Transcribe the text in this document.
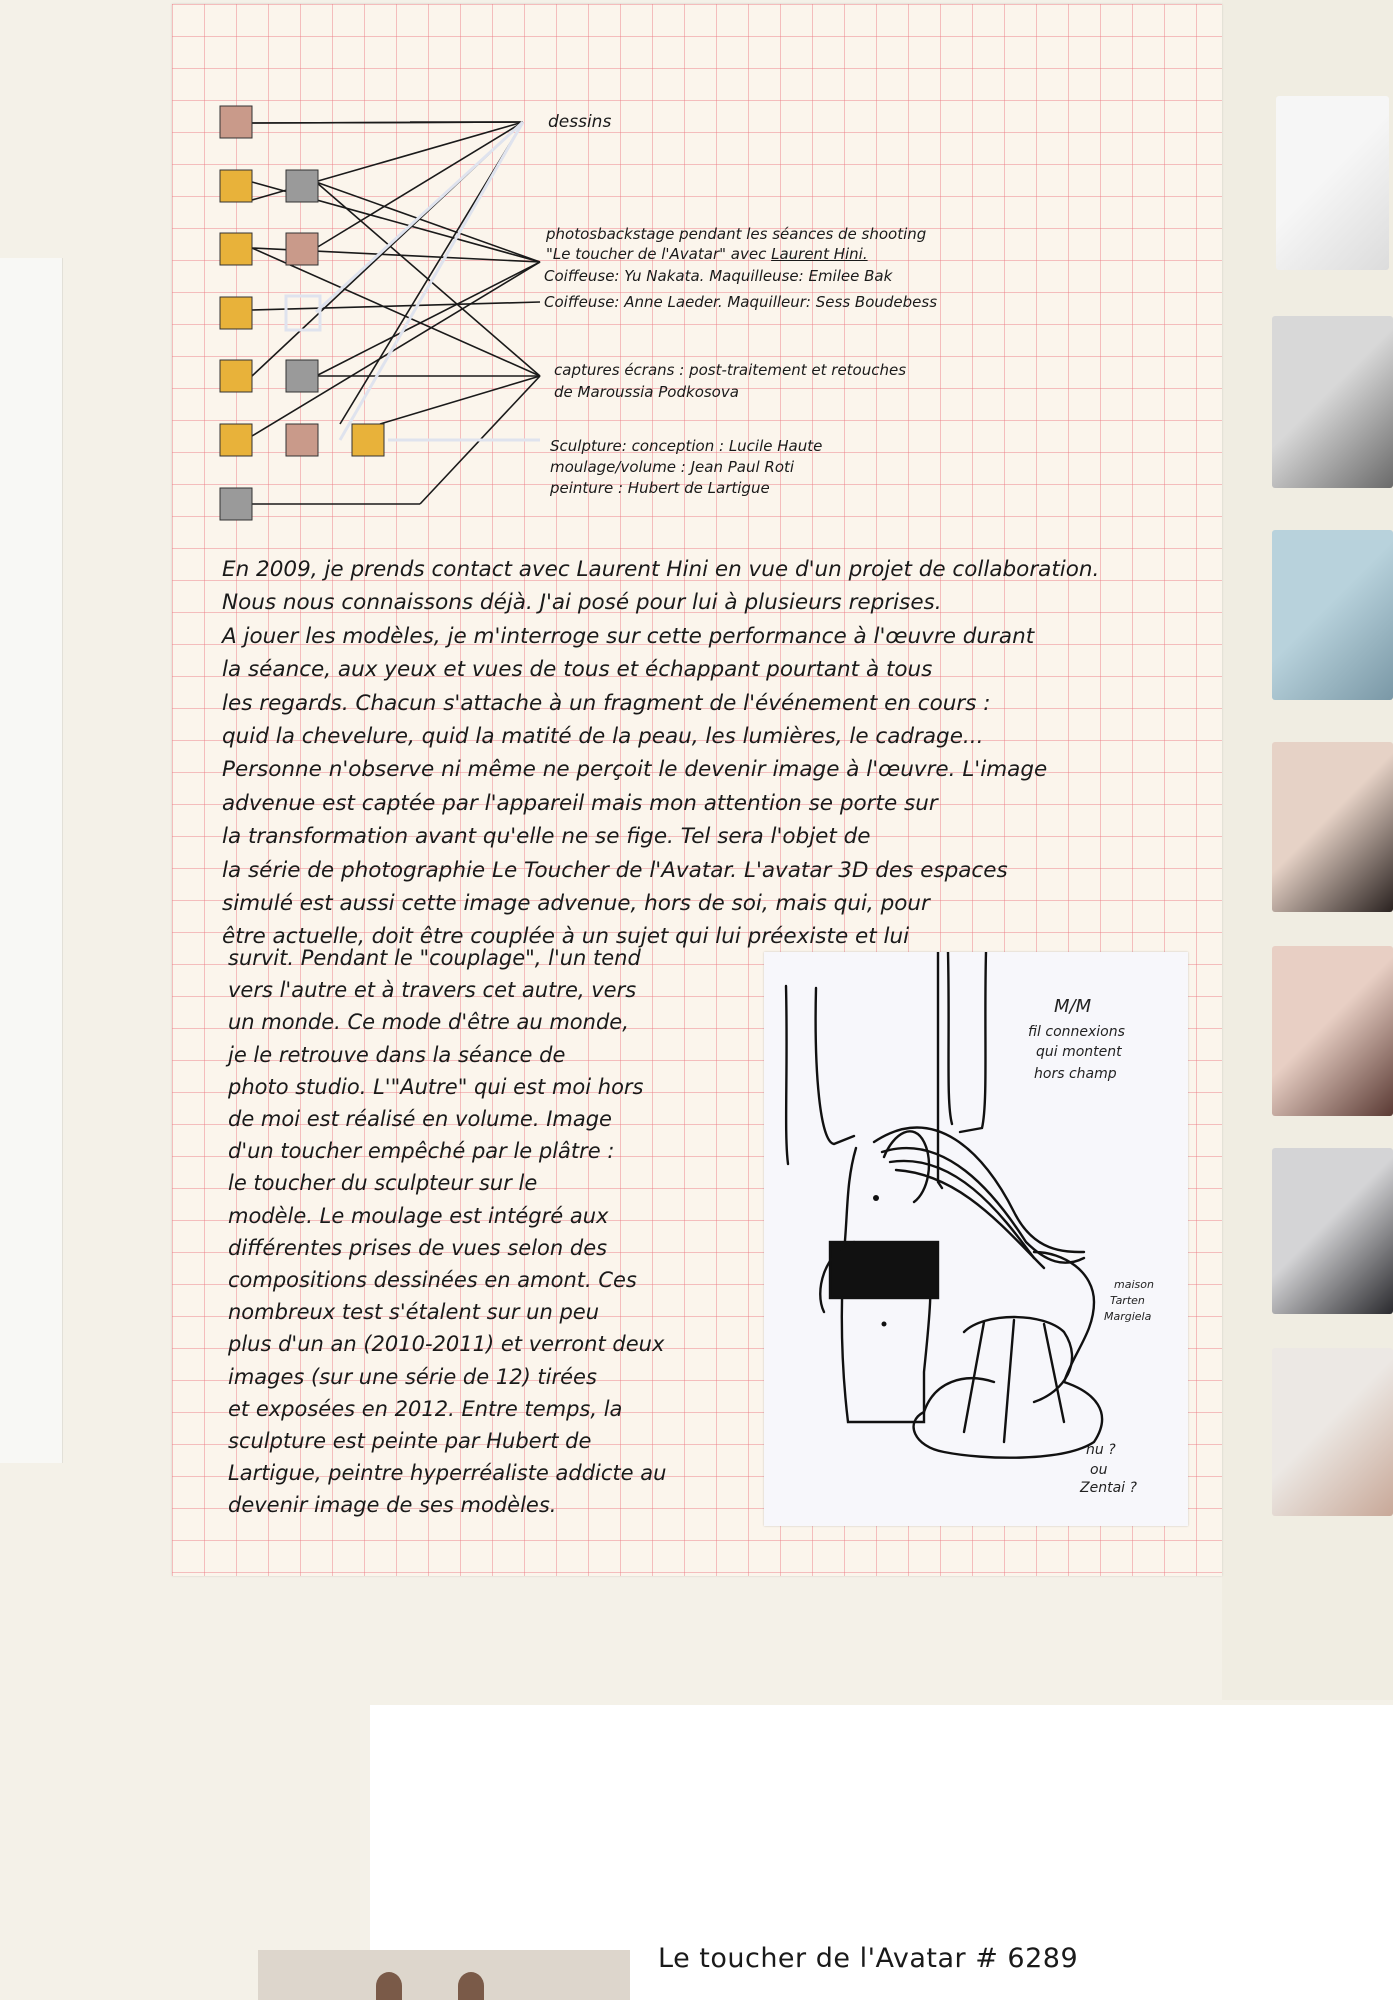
dessins
photosbackstage pendant les séances de shooting
"Le toucher de l'Avatar" avec Laurent Hini.
Coiffeuse: Yu Nakata. Maquilleuse: Emilee Bak
Coiffeuse: Anne Laeder. Maquilleur: Sess Boudebess
captures écrans : post-traitement et retouches
de Maroussia Podkosova
Sculpture: conception : Lucile Haute
moulage/volume : Jean Paul Roti
peinture : Hubert de Lartigue
En 2009, je prends contact avec Laurent Hini en vue d'un projet de collaboration.
Nous nous connaissons déjà. J'ai posé pour lui à plusieurs reprises.
A jouer les modèles, je m'interroge sur cette performance à l'œuvre durant
la séance, aux yeux et vues de tous et échappant pourtant à tous
les regards. Chacun s'attache à un fragment de l'événement en cours :
quid la chevelure, quid la matité de la peau, les lumières, le cadrage...
Personne n'observe ni même ne perçoit le devenir image à l'œuvre. L'image
advenue est captée par l'appareil mais mon attention se porte sur
la transformation avant qu'elle ne se fige. Tel sera l'objet de
la série de photographie Le Toucher de l'Avatar. L'avatar 3D des espaces
simulé est aussi cette image advenue, hors de soi, mais qui, pour
être actuelle, doit être couplée à un sujet qui lui préexiste et lui
survit. Pendant le "couplage", l'un tend
vers l'autre et à travers cet autre, vers
un monde. Ce mode d'être au monde,
je le retrouve dans la séance de
photo studio. L'"Autre" qui est moi hors
de moi est réalisé en volume. Image
d'un toucher empêché par le plâtre :
le toucher du sculpteur sur le
modèle. Le moulage est intégré aux
différentes prises de vues selon des
compositions dessinées en amont. Ces
nombreux test s'étalent sur un peu
plus d'un an (2010-2011) et verront deux
images (sur une série de 12) tirées
et exposées en 2012. Entre temps, la
sculpture est peinte par Hubert de
Lartigue, peintre hyperréaliste addicte au
devenir image de ses modèles.
M/M
fil connexions
qui montent
hors champ
maison
Tarten
Margiela
nu ?
ou
Zentai ?
Le toucher de l'Avatar # 6289
